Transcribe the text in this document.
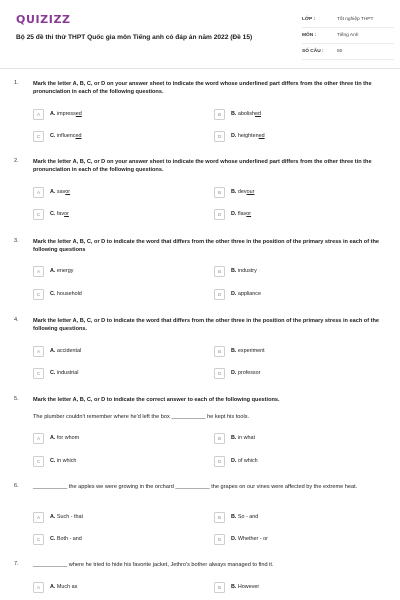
QUIZIZZ
Bộ 25 đề thi thử THPT Quốc gia môn Tiếng anh có đáp án năm 2022 (Đề 15)
LỚP :	Tốt nghiệp THPT
MÔN :	Tiếng Anh
SỐ CÂU :	50
1.	Mark the letter A, B, C, or D on your answer sheet to indicate the word whose underlined part differs from the other three tin the pronunciation in each of the following questions.
A	A. impressed	B	B. abolished
C	C. influenced	D	D. heightened
2.	Mark the letter A, B, C, or D on your answer sheet to indicate the word whose underlined part differs from the other three tin the pronunciation in each of the following questions.
A	A. savor	B	B. devour
C	C. favor	D	D. flavor
3.	Mark the letter A, B, C, or D to indicate the word that differs from the other three in the position of the primary stress in each of the following questions
A	A. energy	B	B. industry
C	C. household	D	D. appliance
4.	Mark the letter A, B, C, or D to indicate the word that differs from the other three in the position of the primary stress in each of the following questions.
A	A. accidental	B	B. experiment
C	C. industrial	D	D. professor
5.	Mark the letter A, B, C, or D to indicate the correct answer to each of the following questions.
The plumber couldn't remember where he'd left the box ___________ he kept his tools.
A	A. for whom	B	B. in what
C	C. in which	D	D. of which
6.	___________ the apples we were growing in the orchard ___________ the grapes on our vines were affected by the extreme heat.
A	A. Such - that	B	B. So - and
C	C. Both - and	D	D. Whether - or
7.	___________ where he tried to hide his favorite jacket, Jethro's bother always managed to find it.
A	A. Much as	B	B. However
